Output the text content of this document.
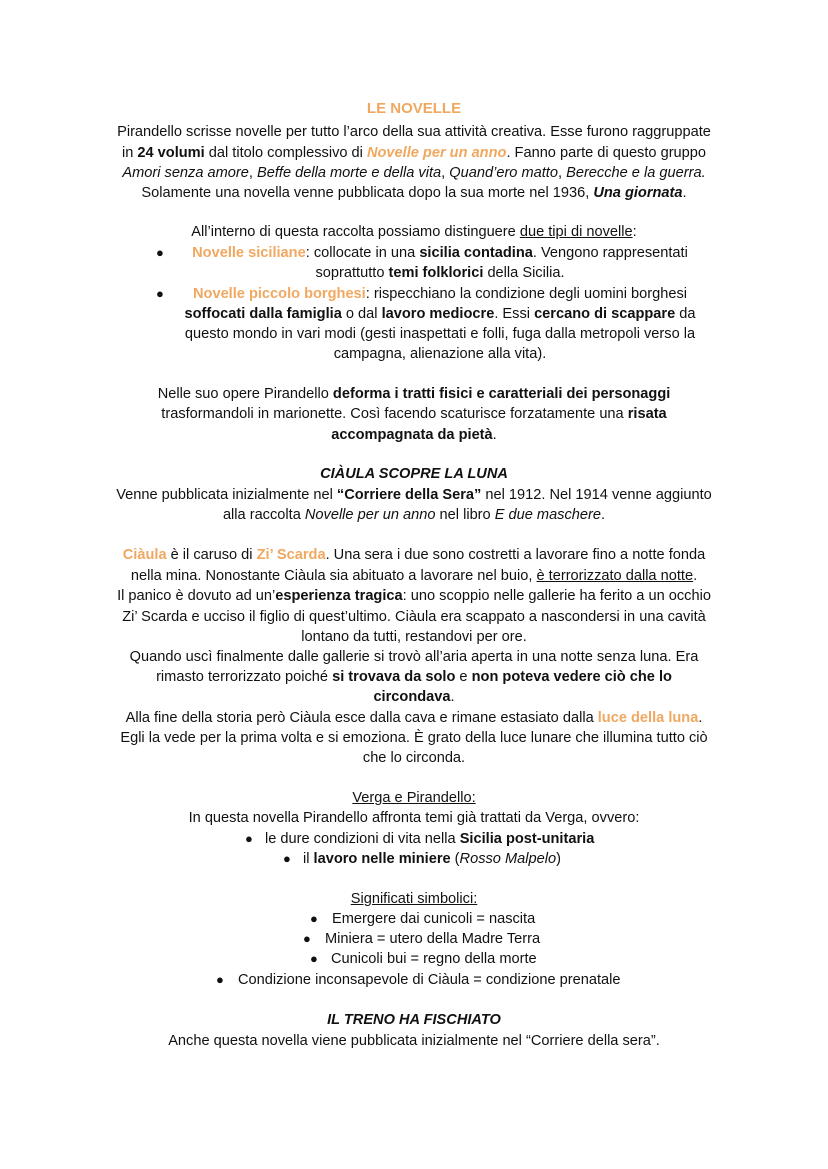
LE NOVELLE
Pirandello scrisse novelle per tutto l’arco della sua attività creativa. Esse furono raggruppate
in 24 volumi dal titolo complessivo di Novelle per un anno. Fanno parte di questo gruppo
Amori senza amore, Beffe della morte e della vita, Quand’ero matto, Berecche e la guerra.
Solamente una novella venne pubblicata dopo la sua morte nel 1936, Una giornata.
All’interno di questa raccolta possiamo distinguere due tipi di novelle:
●	Novelle siciliane: collocate in una sicilia contadina. Vengono rappresentati
soprattutto temi folklorici della Sicilia.
●	Novelle piccolo borghesi: rispecchiano la condizione degli uomini borghesi
soffocati dalla famiglia o dal lavoro mediocre. Essi cercano di scappare da
questo mondo in vari modi (gesti inaspettati e folli, fuga dalla metropoli verso la
campagna, alienazione alla vita).
Nelle suo opere Pirandello deforma i tratti fisici e caratteriali dei personaggi
trasformandoli in marionette. Così facendo scaturisce forzatamente una risata
accompagnata da pietà.
CIÀULA SCOPRE LA LUNA
Venne pubblicata inizialmente nel “Corriere della Sera” nel 1912. Nel 1914 venne aggiunto
alla raccolta Novelle per un anno nel libro E due maschere.
Ciàula è il caruso di Zi’ Scarda. Una sera i due sono costretti a lavorare fino a notte fonda
nella mina. Nonostante Ciàula sia abituato a lavorare nel buio, è terrorizzato dalla notte.
Il panico è dovuto ad un’esperienza tragica: uno scoppio nelle gallerie ha ferito a un occhio
Zi’ Scarda e ucciso il figlio di quest’ultimo. Ciàula era scappato a nascondersi in una cavità
lontano da tutti, restandovi per ore.
Quando uscì finalmente dalle gallerie si trovò all’aria aperta in una notte senza luna. Era
rimasto terrorizzato poiché si trovava da solo e non poteva vedere ciò che lo
circondava.
Alla fine della storia però Ciàula esce dalla cava e rimane estasiato dalla luce della luna.
Egli la vede per la prima volta e si emoziona. È grato della luce lunare che illumina tutto ciò
che lo circonda.
Verga e Pirandello:
In questa novella Pirandello affronta temi già trattati da Verga, ovvero:
● le dure condizioni di vita nella Sicilia post-unitaria
● il lavoro nelle miniere (Rosso Malpelo)
Significati simbolici:
● Emergere dai cunicoli = nascita
● Miniera = utero della Madre Terra
● Cunicoli bui = regno della morte
● Condizione inconsapevole di Ciàula = condizione prenatale
IL TRENO HA FISCHIATO
Anche questa novella viene pubblicata inizialmente nel “Corriere della sera”.
